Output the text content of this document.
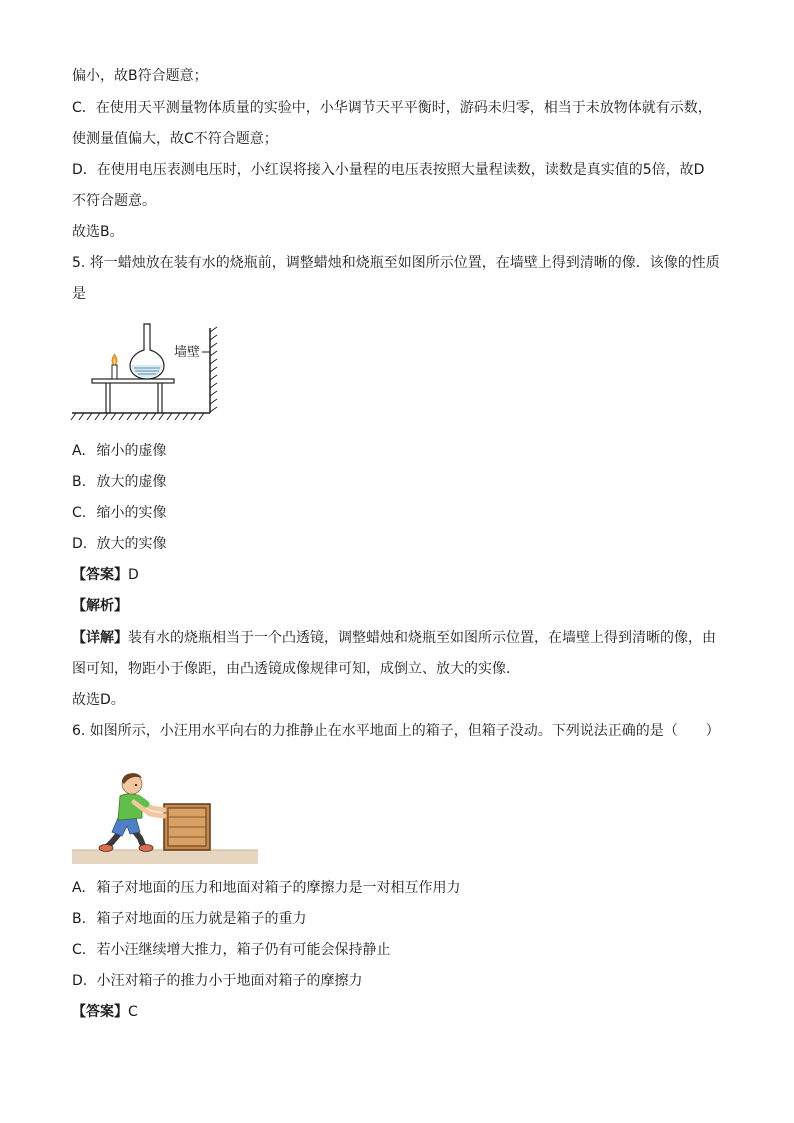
偏小，故B符合题意；
C．在使用天平测量物体质量的实验中，小华调节天平平衡时，游码未归零，相当于未放物体就有示数，
使测量值偏大，故C不符合题意；
D．在使用电压表测电压时，小红误将接入小量程的电压表按照大量程读数，读数是真实值的5倍，故D
不符合题意。
故选B。
5. 将一蜡烛放在装有水的烧瓶前，调整蜡烛和烧瓶至如图所示位置，在墙壁上得到清晰的像．该像的性质
是
墙壁
A. 缩小的虚像
B. 放大的虚像
C. 缩小的实像
D. 放大的实像
【答案】D
【解析】
【详解】装有水的烧瓶相当于一个凸透镜，调整蜡烛和烧瓶至如图所示位置，在墙壁上得到清晰的像，由
图可知，物距小于像距，由凸透镜成像规律可知，成倒立、放大的实像．
故选D。
6. 如图所示，小汪用水平向右的力推静止在水平地面上的箱子，但箱子没动。下列说法正确的是（　　）
A. 箱子对地面的压力和地面对箱子的摩擦力是一对相互作用力
B. 箱子对地面的压力就是箱子的重力
C. 若小汪继续增大推力，箱子仍有可能会保持静止
D. 小汪对箱子的推力小于地面对箱子的摩擦力
【答案】C
